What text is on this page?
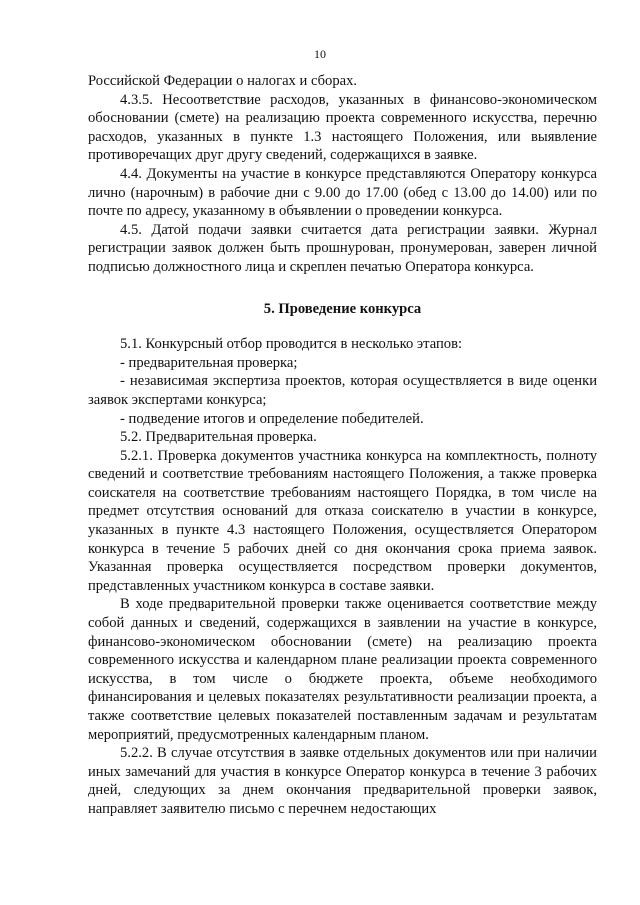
10

Российской Федерации о налогах и сборах.

4.3.5. Несоответствие расходов, указанных в финансово-экономическом обосновании (смете) на реализацию проекта современного искусства, перечню расходов, указанных в пункте 1.3 настоящего Положения, или выявление противоречащих друг другу сведений, содержащихся в заявке.

4.4. Документы на участие в конкурсе представляются Оператору конкурса лично (нарочным) в рабочие дни с 9.00 до 17.00 (обед с 13.00 до 14.00) или по почте по адресу, указанному в объявлении о проведении конкурса.

4.5. Датой подачи заявки считается дата регистрации заявки. Журнал регистрации заявок должен быть прошнурован, пронумерован, заверен личной подписью должностного лица и скреплен печатью Оператора конкурса.

5. Проведение конкурса

5.1. Конкурсный отбор проводится в несколько этапов:

- предварительная проверка;

- независимая экспертиза проектов, которая осуществляется в виде оценки заявок экспертами конкурса;

- подведение итогов и определение победителей.

5.2. Предварительная проверка.

5.2.1. Проверка документов участника конкурса на комплектность, полноту сведений и соответствие требованиям настоящего Положения, а также проверка соискателя на соответствие требованиям настоящего Порядка, в том числе на предмет отсутствия оснований для отказа соискателю в участии в конкурсе, указанных в пункте 4.3 настоящего Положения, осуществляется Оператором конкурса в течение 5 рабочих дней со дня окончания срока приема заявок. Указанная проверка осуществляется посредством проверки документов, представленных участником конкурса в составе заявки.

В ходе предварительной проверки также оценивается соответствие между собой данных и сведений, содержащихся в заявлении на участие в конкурсе, финансово-экономическом обосновании (смете) на реализацию проекта современного искусства и календарном плане реализации проекта современного искусства, в том числе о бюджете проекта, объеме необходимого финансирования и целевых показателях результативности реализации проекта, а также соответствие целевых показателей поставленным задачам и результатам мероприятий, предусмотренных календарным планом.

5.2.2. В случае отсутствия в заявке отдельных документов или при наличии иных замечаний для участия в конкурсе Оператор конкурса в течение 3 рабочих дней, следующих за днем окончания предварительной проверки заявок, направляет заявителю письмо с перечнем недостающих
